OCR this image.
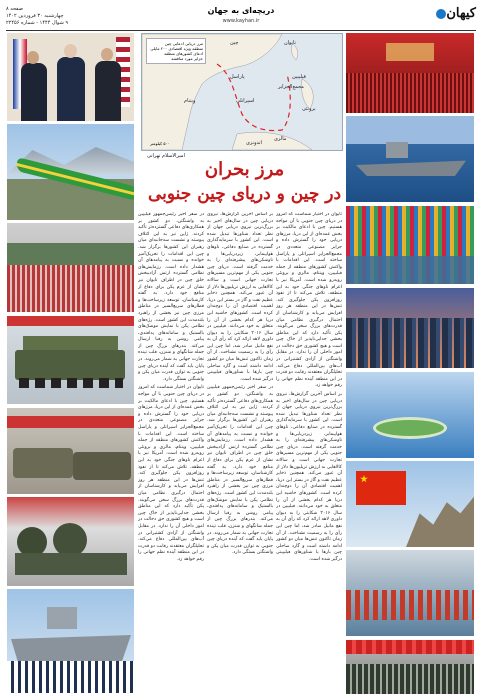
صفحه ۸
چهارشنبه ۳۰ فروردین ۱۴۰۲
۹ شوال ۱۴۴۴ - شماره ۲۲۴۵۶
دریچه‌ای به جهان
www.kayhan.ir	کیهان
مرز دریایی ادعایی چین
منطقه ویژه اقتصادی ۲۰۰ مایلی
ادعای کشورهای منطقه
جزایر مورد مناقشه
چین	تایوان
فیلیپین
ویتنام
پاراسل
اسپراتلی
مجمع‌الجزایر
برونئی
مالزی
اندونزی
۵۰۰ کیلومتر
امیر‌الاسلام تهرانی
مرز بحران
در چین و دریای چین جنوبی

تایوان در اختیار شماست که امروز در دریای چین جنوبی با آن مواجه هستیم. چین با ادعای مالکیت بر بخش عمده‌ای از این دریا، مرزهای دریایی خود را گسترش داده و جزایر مصنوعی متعددی در مجمع‌الجزایر اسپراتلی و پاراسل ساخته است. این اقدامات با واکنش کشورهای منطقه از جمله فیلیپین، ویتنام، مالزی و برونئی روبه‌رو شده است. آمریکا نیز با اعزام ناوهای جنگی خود به این منطقه، تلاش می‌کند تا از نفوذ روزافزون پکن جلوگیری کند. تنش‌ها در این منطقه هر روز افزایش می‌یابد و کارشناسان از احتمال درگیری نظامی میان قدرت‌های بزرگ سخن می‌گویند. پکن تأکید دارد که این مناطق بخشی جدایی‌ناپذیر از خاک چین است و هیچ کشوری حق دخالت در امور داخلی آن را ندارد. در مقابل واشنگتن از آزادی کشتیرانی در آب‌های بین‌المللی دفاع می‌کند. تحلیلگران معتقدند رقابت دو قدرت در این منطقه آینده نظم جهانی را رقم خواهد زد.

بر اساس آخرین گزارش‌ها، نیروی دریایی چین در سال‌های اخیر به بزرگ‌ترین نیروی دریایی جهان از نظر تعداد شناورها تبدیل شده است. این کشور با سرمایه‌گذاری گسترده در صنایع دفاعی، ناوهای هواپیمابر، زیردریایی‌ها و ناوشکن‌های پیشرفته‌ای را به خدمت گرفته است. دریای چین جنوبی یکی از مهم‌ترین مسیرهای تجارت جهانی است و سالانه کالاهایی به ارزش تریلیون‌ها دلار از آن عبور می‌کند. همچنین ذخایر عظیم نفت و گاز در بستر این دریا، اهمیت اقتصادی آن را دوچندان کرده است. کشورهای حاشیه این دریا هر کدام بخشی از آن را متعلق به خود می‌دانند. فیلیپین در سال ۲۰۱۶ شکایتی را به دیوان داوری لاهه ارائه کرد که رأی آن به نفع مانیل صادر شد، اما چین این رأی را به رسمیت نشناخت. از آن زمان تاکنون تنش‌ها میان دو کشور ادامه داشته است و گارد ساحلی چین بارها با شناورهای فیلیپینی درگیر شده است.

بر اساس آخرین گزارش‌ها، نیروی دریایی چین در سال‌های اخیر به بزرگ‌ترین نیروی دریایی جهان از نظر تعداد شناورها تبدیل شده است. این کشور با سرمایه‌گذاری گسترده در صنایع دفاعی، ناوهای هواپیمابر، زیردریایی‌ها و ناوشکن‌های پیشرفته‌ای را به خدمت گرفته است. دریای چین جنوبی یکی از مهم‌ترین مسیرهای تجارت جهانی است و سالانه کالاهایی به ارزش تریلیون‌ها دلار از آن عبور می‌کند. همچنین ذخایر عظیم نفت و گاز در بستر این دریا، اهمیت اقتصادی آن را دوچندان کرده است. کشورهای حاشیه این دریا هر کدام بخشی از آن را متعلق به خود می‌دانند. فیلیپین در سال ۲۰۱۶ شکایتی را به دیوان داوری لاهه ارائه کرد که رأی آن به نفع مانیل صادر شد، اما چین این رأی را به رسمیت نشناخت. از آن زمان تاکنون تنش‌ها میان دو کشور ادامه داشته است و گارد ساحلی چین بارها با شناورهای فیلیپینی درگیر شده است.

در سفر اخیر رئیس‌جمهور فیلیپین به واشنگتن، دو کشور بر همکاری‌های دفاعی گسترده‌تر تأکید کردند. ژاپن نیز به این ائتلاف پیوسته و نشست سه‌جانبه‌ای میان رهبران این کشورها برگزار شد. چین این اقدامات را تحریک‌آمیز خوانده و نسبت به پیامدهای آن هشدار داده است. رزمایش‌های نظامی گسترده ارتش آزادیبخش خلق چین در اطراف تایوان نیز نشان از عزم پکن برای دفاع از منافع خود دارد. به گفته کارشناسان، توسعه زیرساخت‌ها و قطارهای سریع‌السیر در مناطق مرزی چین نیز بخشی از راهبرد بلندمدت این کشور است. رژه‌های نظامی پکن با نمایش موشک‌های بالستیک و سامانه‌های پدافندی، پیامی روشن به رقبا ارسال می‌کند. بندرهای بزرگ چین از جمله شانگهای و شنژن، قلب تپنده تجارت جهانی به شمار می‌روند. در پایان باید گفت که آینده دریای چین جنوبی به توازن قدرت میان پکن و واشنگتن بستگی دارد.

در سفر اخیر رئیس‌جمهور فیلیپین به واشنگتن، دو کشور بر همکاری‌های دفاعی گسترده‌تر تأکید کردند. ژاپن نیز به این ائتلاف پیوسته و نشست سه‌جانبه‌ای میان رهبران این کشورها برگزار شد. چین این اقدامات را تحریک‌آمیز خوانده و نسبت به پیامدهای آن هشدار داده است. رزمایش‌های نظامی گسترده ارتش آزادیبخش خلق چین در اطراف تایوان نیز نشان از عزم پکن برای دفاع از منافع خود دارد. به گفته کارشناسان، توسعه زیرساخت‌ها و قطارهای سریع‌السیر در مناطق مرزی چین نیز بخشی از راهبرد بلندمدت این کشور است. رژه‌های نظامی پکن با نمایش موشک‌های بالستیک و سامانه‌های پدافندی، پیامی روشن به رقبا ارسال می‌کند. بندرهای بزرگ چین از جمله شانگهای و شنژن، قلب تپنده تجارت جهانی به شمار می‌روند. در پایان باید گفت که آینده دریای چین جنوبی به توازن قدرت میان پکن و واشنگتن بستگی دارد.

تایوان در اختیار شماست که امروز در دریای چین جنوبی با آن مواجه هستیم. چین با ادعای مالکیت بر بخش عمده‌ای از این دریا، مرزهای دریایی خود را گسترش داده و جزایر مصنوعی متعددی در مجمع‌الجزایر اسپراتلی و پاراسل ساخته است. این اقدامات با واکنش کشورهای منطقه از جمله فیلیپین، ویتنام، مالزی و برونئی روبه‌رو شده است. آمریکا نیز با اعزام ناوهای جنگی خود به این منطقه، تلاش می‌کند تا از نفوذ روزافزون پکن جلوگیری کند. تنش‌ها در این منطقه هر روز افزایش می‌یابد و کارشناسان از احتمال درگیری نظامی میان قدرت‌های بزرگ سخن می‌گویند. پکن تأکید دارد که این مناطق بخشی جدایی‌ناپذیر از خاک چین است و هیچ کشوری حق دخالت در امور داخلی آن را ندارد. در مقابل واشنگتن از آزادی کشتیرانی در آب‌های بین‌المللی دفاع می‌کند. تحلیلگران معتقدند رقابت دو قدرت در این منطقه آینده نظم جهانی را رقم خواهد زد.
